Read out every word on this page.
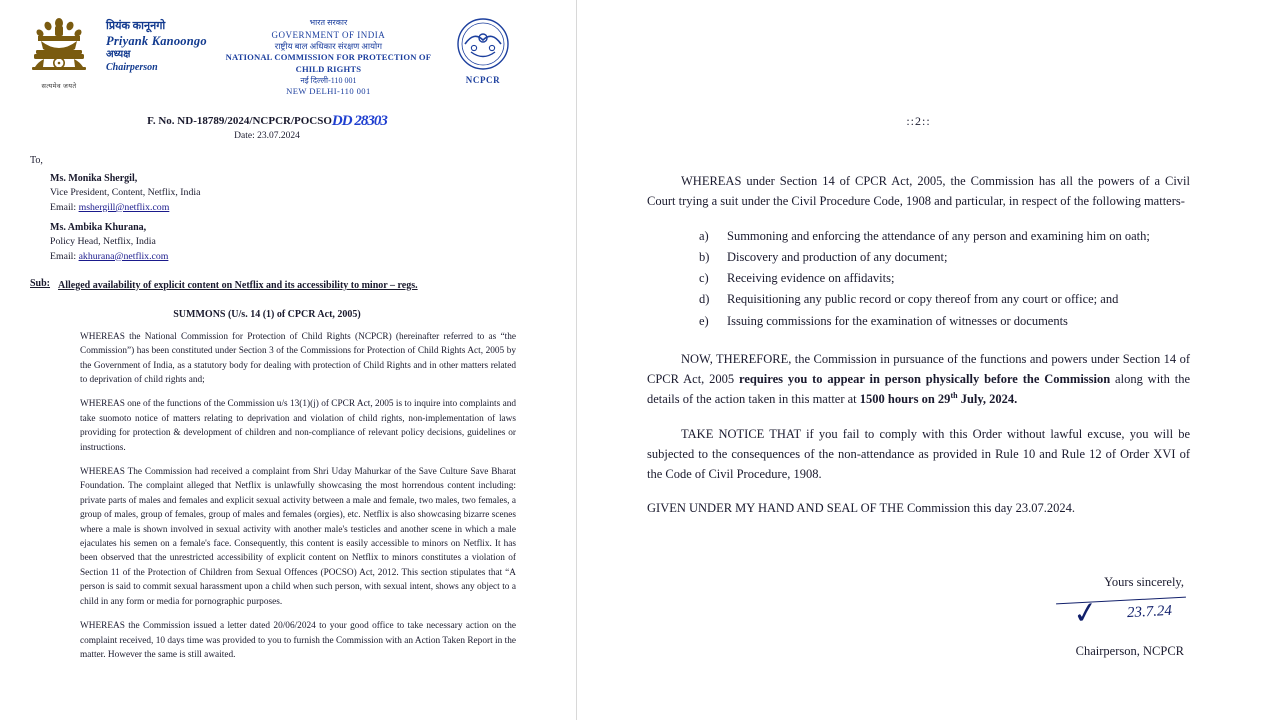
सत्यमेव जयते
प्रियंक कानूनगो
Priyank Kanoongo
अध्यक्ष
Chairperson
भारत सरकार
GOVERNMENT OF INDIA
राष्ट्रीय बाल अधिकार संरक्षण आयोग
NATIONAL COMMISSION FOR PROTECTION OF CHILD RIGHTS
नई दिल्ली-110 001
NEW DELHI-110 001
NCPCR
F. No. ND-18789/2024/NCPCR/POCSODD 28303
Date: 23.07.2024
To,
Ms. Monika Shergil,
Vice President, Content, Netflix, India
Email: mshergill@netflix.com
Ms. Ambika Khurana,
Policy Head, Netflix, India
Email: akhurana@netflix.com
Sub: Alleged availability of explicit content on Netflix and its accessibility to minor – regs.
SUMMONS (U/s. 14 (1) of CPCR Act, 2005)

WHEREAS the National Commission for Protection of Child Rights (NCPCR) (hereinafter referred to as “the Commission”) has been constituted under Section 3 of the Commissions for Protection of Child Rights Act, 2005 by the Government of India, as a statutory body for dealing with protection of Child Rights and in other matters related to deprivation of child rights and;

WHEREAS one of the functions of the Commission u/s 13(1)(j) of CPCR Act, 2005 is to inquire into complaints and take suomoto notice of matters relating to deprivation and violation of child rights, non-implementation of laws providing for protection & development of children and non-compliance of relevant policy decisions, guidelines or instructions.

WHEREAS The Commission had received a complaint from Shri Uday Mahurkar of the Save Culture Save Bharat Foundation. The complaint alleged that Netflix is unlawfully showcasing the most horrendous content including: private parts of males and females and explicit sexual activity between a male and female, two males, two females, a group of males, group of females, group of males and females (orgies), etc. Netflix is also showcasing bizarre scenes where a male is shown involved in sexual activity with another male's testicles and another scene in which a male ejaculates his semen on a female's face. Consequently, this content is easily accessible to minors on Netflix. It has been observed that the unrestricted accessibility of explicit content on Netflix to minors constitutes a violation of Section 11 of the Protection of Children from Sexual Offences (POCSO) Act, 2012. This section stipulates that “A person is said to commit sexual harassment upon a child when such person, with sexual intent, shows any object to a child in any form or media for pornographic purposes.

WHEREAS the Commission issued a letter dated 20/06/2024 to your good office to take necessary action on the complaint received, 10 days time was provided to you to furnish the Commission with an Action Taken Report in the matter. However the same is still awaited.

::2::

WHEREAS under Section 14 of CPCR Act, 2005, the Commission has all the powers of a Civil Court trying a suit under the Civil Procedure Code, 1908 and particular, in respect of the following matters-

a)	Summoning and enforcing the attendance of any person and examining him on oath;
b) Discovery and production of any document;
c)	Receiving evidence on affidavits;
d) Requisitioning any public record or copy thereof from any court or office; and
e)	Issuing commissions for the examination of witnesses or documents

NOW, THEREFORE, the Commission in pursuance of the functions and powers under Section 14 of CPCR Act, 2005 requires you to appear in person physically before the Commission along with the details of the action taken in this matter at 1500 hours on 29th July, 2024.

TAKE NOTICE THAT if you fail to comply with this Order without lawful excuse, you will be subjected to the consequences of the non-attendance as provided in Rule 10 and Rule 12 of Order XVI of the Code of Civil Procedure, 1908.

GIVEN UNDER MY HAND AND SEAL OF THE Commission this day 23.07.2024.

Yours sincerely,
✓ 23.7.24
Chairperson, NCPCR
